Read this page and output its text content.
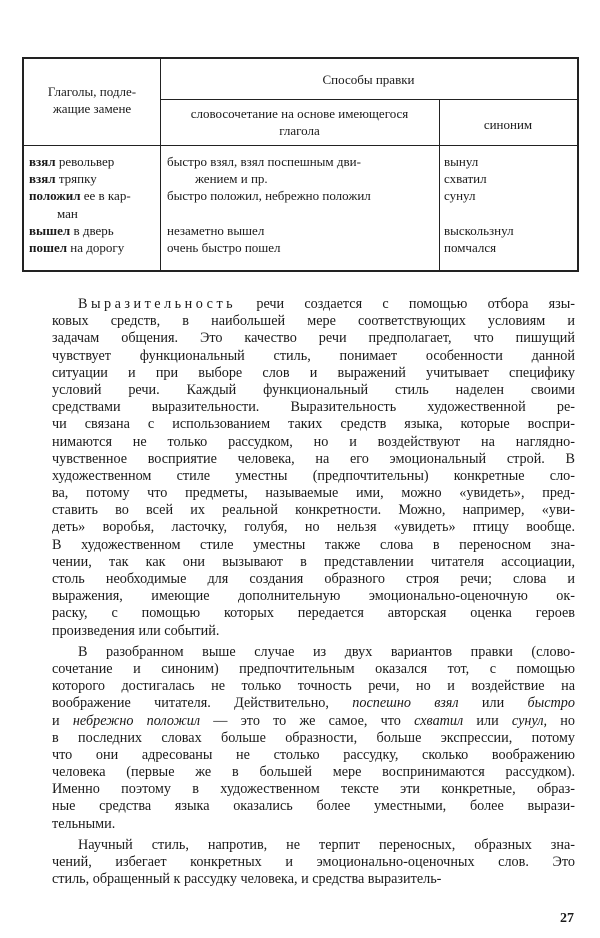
Глаголы, подле-
жащие замене
Способы правки
словосочетание на основе имеющегося
глагола	синоним
взял револьвер
взял тряпку
положил ее в кар-
ман
вышел в дверь
пошел на дорогу
быстро взял, взял поспешным дви-
жением и пр.
быстро положил, небрежно положил
незаметно вышел
очень быстро пошел
вынул
схватил
сунул
выскользнул
помчался
Выразительность речи создается с помощью отбора язы-
ковых средств, в наибольшей мере соответствующих условиям и
задачам общения. Это качество речи предполагает, что пишущий
чувствует функциональный стиль, понимает особенности данной
ситуации и при выборе слов и выражений учитывает специфику
условий речи. Каждый функциональный стиль наделен своими
средствами выразительности. Выразительность художественной ре-
чи связана с использованием таких средств языка, которые воспри-
нимаются не только рассудком, но и воздействуют на наглядно-
чувственное восприятие человека, на его эмоциональный строй. В
художественном стиле уместны (предпочтительны) конкретные сло-
ва, потому что предметы, называемые ими, можно «увидеть», пред-
ставить во всей их реальной конкретности. Можно, например, «уви-
деть» воробья, ласточку, голубя, но нельзя «увидеть» птицу вообще.
В художественном стиле уместны также слова в переносном зна-
чении, так как они вызывают в представлении читателя ассоциации,
столь необходимые для создания образного строя речи; слова и
выражения, имеющие дополнительную эмоционально-оценочную ок-
раску, с помощью которых передается авторская оценка героев
произведения или событий.
В разобранном выше случае из двух вариантов правки (слово-
сочетание и синоним) предпочтительным оказался тот, с помощью
которого достигалась не только точность речи, но и воздействие на
воображение читателя. Действительно, поспешно взял или быстро
и небрежно положил — это то же самое, что схватил или сунул, но
в последних словах больше образности, больше экспрессии, потому
что они адресованы не столько рассудку, сколько воображению
человека (первые же в большей мере воспринимаются рассудком).
Именно поэтому в художественном тексте эти конкретные, образ-
ные средства языка оказались более уместными, более вырази-
тельными.
Научный стиль, напротив, не терпит переносных, образных зна-
чений, избегает конкретных и эмоционально-оценочных слов. Это
стиль, обращенный к рассудку человека, и средства выразитель-
27
